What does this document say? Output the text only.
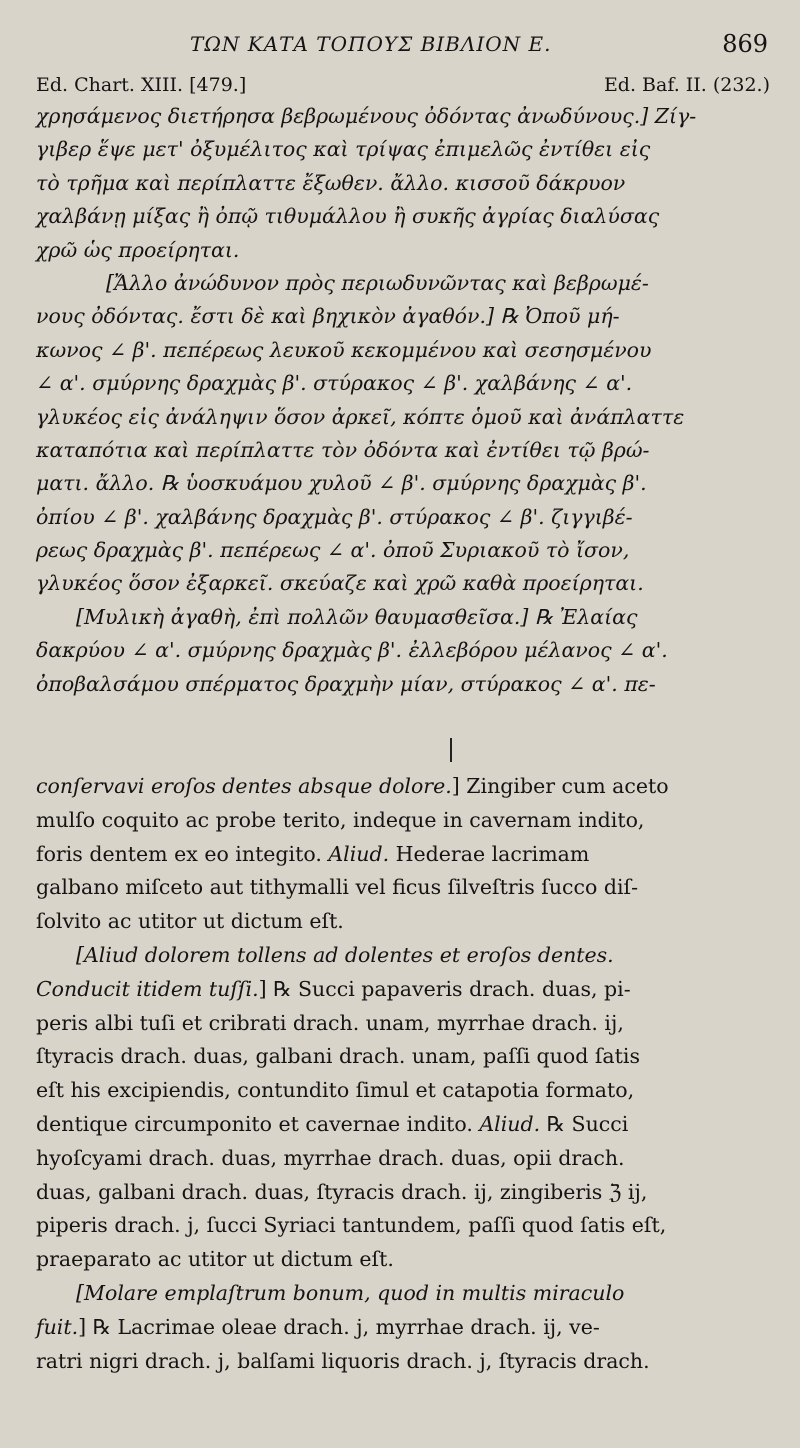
ΤΩΝ ΚΑΤΑ ΤΟΠΟΥΣ ΒΙΒΛΙΟΝ Ε.	869
Ed. Chart. XIII. [479.]	Ed. Baf. II. (232.)
χρησάμενος διετήρησα βεβρωμένους ὀδόντας ἀνωδύνους.] Ζίγ-
γιβερ ἕψε μετ' ὀξυμέλιτος καὶ τρίψας ἐπιμελῶς ἐντίθει εἰς
τὸ τρῆμα καὶ περίπλαττε ἔξωθεν. ἄλλο. κισσοῦ δάκρυον
χαλβάνῃ μίξας ἢ ὀπῷ τιθυμάλλου ἢ συκῆς ἀγρίας διαλύσας
χρῶ ὡς προείρηται.
[Ἄλλο ἀνώδυνον πρὸς περιωδυνῶντας καὶ βεβρωμέ-
νους ὀδόντας. ἔστι δὲ καὶ βηχικὸν ἀγαθόν.] ℞ Ὀποῦ μή-
κωνος ∠ β'. πεπέρεως λευκοῦ κεκομμένου καὶ σεσησμένου
∠ α'. σμύρνης δραχμὰς β'. στύρακος ∠ β'. χαλβάνης ∠ α'.
γλυκέος εἰς ἀνάληψιν ὅσον ἀρκεῖ, κόπτε ὁμοῦ καὶ ἀνάπλαττε
καταπότια καὶ περίπλαττε τὸν ὀδόντα καὶ ἐντίθει τῷ βρώ-
ματι. ἄλλο. ℞ ὑοσκυάμου χυλοῦ ∠ β'. σμύρνης δραχμὰς β'.
ὀπίου ∠ β'. χαλβάνης δραχμὰς β'. στύρακος ∠ β'. ζιγγιβέ-
ρεως δραχμὰς β'. πεπέρεως ∠ α'. ὀποῦ Συριακοῦ τὸ ἴσον,
γλυκέος ὅσον ἐξαρκεῖ. σκεύαζε καὶ χρῶ καθὰ προείρηται.
[Μυλικὴ ἀγαθὴ, ἐπὶ πολλῶν θαυμασθεῖσα.] ℞ Ἐλαίας
δακρύου ∠ α'. σμύρνης δραχμὰς β'. ἐλλεβόρου μέλανος ∠ α'.
ὀποβαλσάμου σπέρματος δραχμὴν μίαν, στύρακος ∠ α'. πε-
conſervavi eroſos dentes absque dolore.] Zingiber cum aceto
mulſo coquito ac probe terito, indeque in cavernam indito,
foris dentem ex eo integito. Aliud. Hederae lacrimam
galbano miſceto aut tithymalli vel ficus ſilveſtris ſucco diſ-
ſolvito ac utitor ut dictum eſt.
[Aliud dolorem tollens ad dolentes et eroſos dentes.
Conducit itidem tuſſi.] ℞ Succi papaveris drach. duas, pi-
peris albi tuſi et cribrati drach. unam, myrrhae drach. ij,
ſtyracis drach. duas, galbani drach. unam, paſſi quod ſatis
eſt his excipiendis, contundito ſimul et catapotia formato,
dentique circumponito et cavernae indito. Aliud. ℞ Succi
hyoſcyami drach. duas, myrrhae drach. duas, opii drach.
duas, galbani drach. duas, ſtyracis drach. ij, zingiberis ℨ ij,
piperis drach. j, ſucci Syriaci tantundem, paſſi quod ſatis eſt,
praeparato ac utitor ut dictum eſt.
[Molare emplaſtrum bonum, quod in multis miraculo
fuit.] ℞ Lacrimae oleae drach. j, myrrhae drach. ij, ve-
ratri nigri drach. j, balſami liquoris drach. j, ſtyracis drach.
